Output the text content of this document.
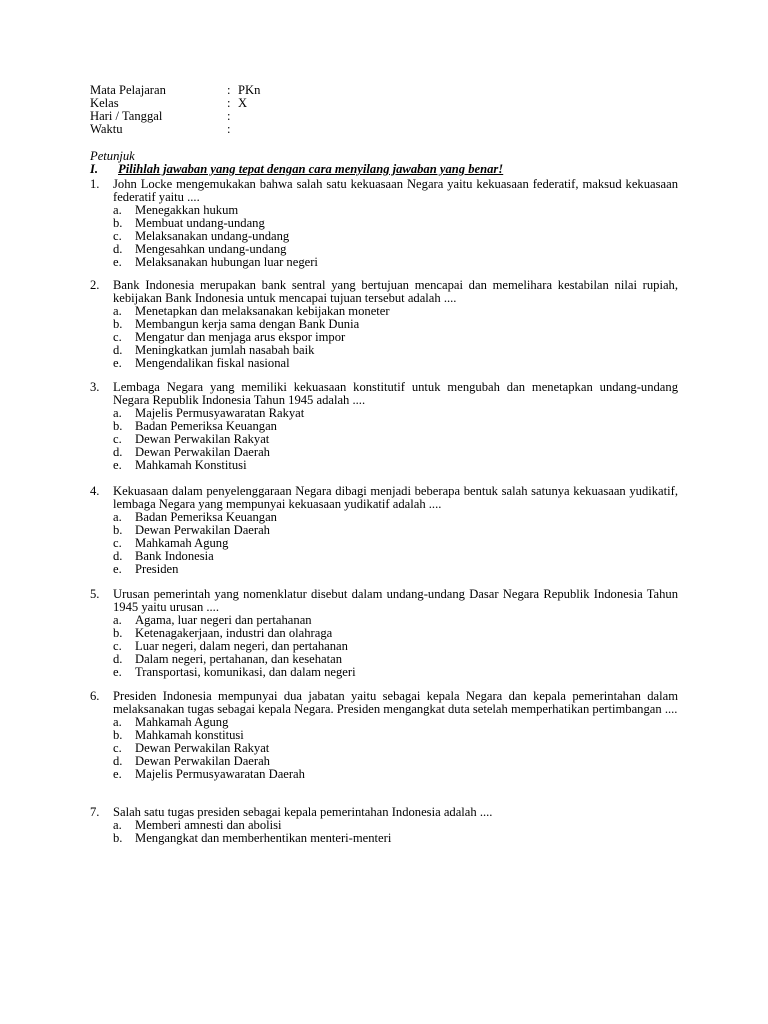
Mata Pelajaran	: PKn
Kelas	: X
Hari / Tanggal	:
Waktu	:
Petunjuk
I. Pilihlah jawaban yang tepat dengan cara menyilang jawaban yang benar!
1.	John Locke mengemukakan bahwa salah satu kekuasaan Negara yaitu kekuasaan federatif, maksud kekuasaan federatif yaitu ....
a.	Menegakkan hukum
b. Membuat undang-undang
c.	Melaksanakan undang-undang
d. Mengesahkan undang-undang
e.	Melaksanakan hubungan luar negeri
2.	Bank Indonesia merupakan bank sentral yang bertujuan mencapai dan memelihara kestabilan nilai rupiah, kebijakan Bank Indonesia untuk mencapai tujuan tersebut adalah ....
a.	Menetapkan dan melaksanakan kebijakan moneter
b. Membangun kerja sama dengan Bank Dunia
c.	Mengatur dan menjaga arus ekspor impor
d. Meningkatkan jumlah nasabah baik
e.	Mengendalikan fiskal nasional
3.	Lembaga Negara yang memiliki kekuasaan konstitutif untuk mengubah dan menetapkan undang-undang Negara Republik Indonesia Tahun 1945 adalah ....
a.	Majelis Permusyawaratan Rakyat
b. Badan Pemeriksa Keuangan
c.	Dewan Perwakilan Rakyat
d. Dewan Perwakilan Daerah
e.	Mahkamah Konstitusi
4.	Kekuasaan dalam penyelenggaraan Negara dibagi menjadi beberapa bentuk salah satunya kekuasaan yudikatif, lembaga Negara yang mempunyai kekuasaan yudikatif adalah ....
a.	Badan Pemeriksa Keuangan
b. Dewan Perwakilan Daerah
c.	Mahkamah Agung
d. Bank Indonesia
e.	Presiden
5.	Urusan pemerintah yang nomenklatur disebut dalam undang-undang Dasar Negara Republik Indonesia Tahun 1945 yaitu urusan ....
a.	Agama, luar negeri dan pertahanan
b. Ketenagakerjaan, industri dan olahraga
c.	Luar negeri, dalam negeri, dan pertahanan
d. Dalam negeri, pertahanan, dan kesehatan
e.	Transportasi, komunikasi, dan dalam negeri
6.	Presiden Indonesia mempunyai dua jabatan yaitu sebagai kepala Negara dan kepala pemerintahan dalam melaksanakan tugas sebagai kepala Negara. Presiden mengangkat duta setelah memperhatikan pertimbangan ....
a.	Mahkamah Agung
b. Mahkamah konstitusi
c.	Dewan Perwakilan Rakyat
d. Dewan Perwakilan Daerah
e.	Majelis Permusyawaratan Daerah
7.	Salah satu tugas presiden sebagai kepala pemerintahan Indonesia adalah ....
a.	Memberi amnesti dan abolisi
b. Mengangkat dan memberhentikan menteri-menteri
